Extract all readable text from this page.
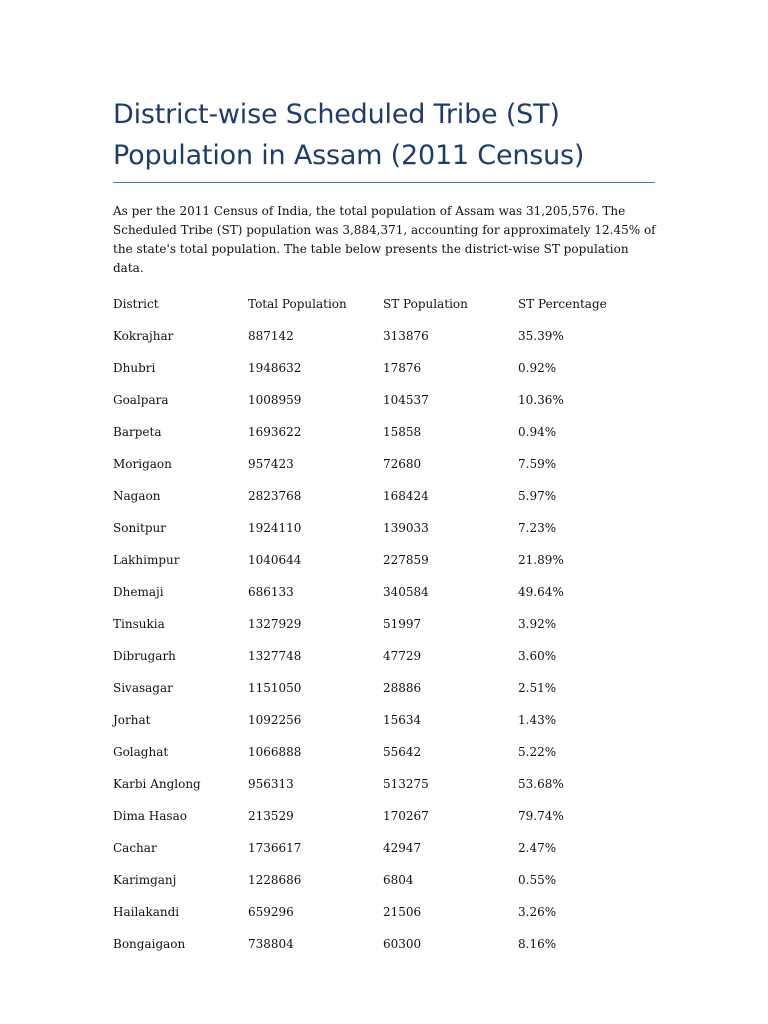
District-wise Scheduled Tribe (ST) Population in Assam (2011 Census)

As per the 2011 Census of India, the total population of Assam was 31,205,576. The Scheduled Tribe (ST) population was 3,884,371, accounting for approximately 12.45% of the state's total population. The table below presents the district-wise ST population data.

District	Total Population	ST Population	ST Percentage
Kokrajhar	887142	313876	35.39%
Dhubri	1948632	17876	0.92%
Goalpara	1008959	104537	10.36%
Barpeta	1693622	15858	0.94%
Morigaon	957423	72680	7.59%
Nagaon	2823768	168424	5.97%
Sonitpur	1924110	139033	7.23%
Lakhimpur	1040644	227859	21.89%
Dhemaji	686133	340584	49.64%
Tinsukia	1327929	51997	3.92%
Dibrugarh	1327748	47729	3.60%
Sivasagar	1151050	28886	2.51%
Jorhat	1092256	15634	1.43%
Golaghat	1066888	55642	5.22%
Karbi Anglong	956313	513275	53.68%
Dima Hasao	213529	170267	79.74%
Cachar	1736617	42947	2.47%
Karimganj	1228686	6804	0.55%
Hailakandi	659296	21506	3.26%
Bongaigaon	738804	60300	8.16%
